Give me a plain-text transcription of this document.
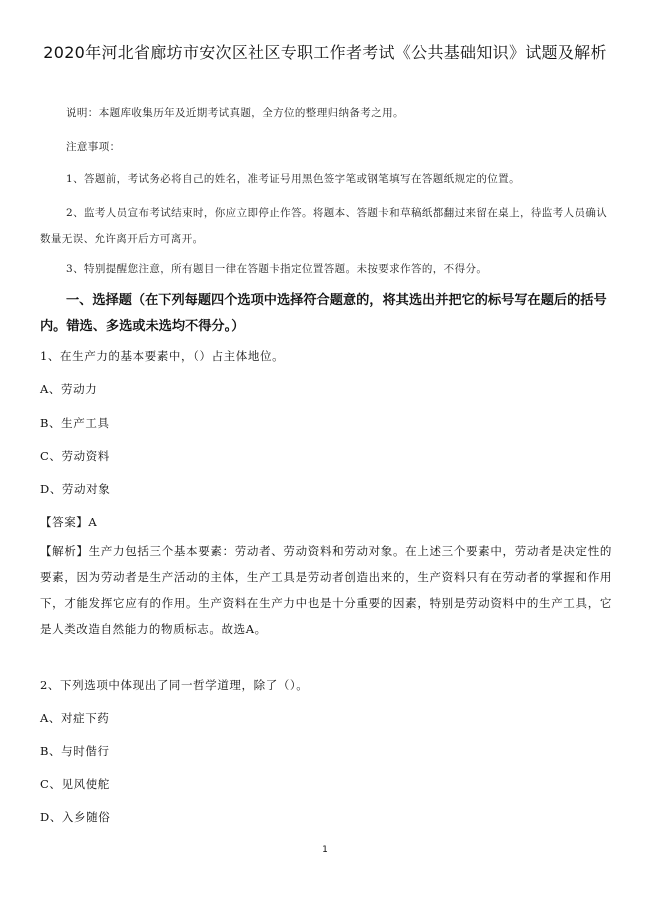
2020年河北省廊坊市安次区社区专职工作者考试《公共基础知识》试题及解析
说明：本题库收集历年及近期考试真题，全方位的整理归纳备考之用。
注意事项：
1、答题前，考试务必将自己的姓名，准考证号用黑色签字笔或钢笔填写在答题纸规定的位置。
2、监考人员宣布考试结束时，你应立即停止作答。将题本、答题卡和草稿纸都翻过来留在桌上，待监考人员确认数量无误、允许离开后方可离开。
3、特别提醒您注意，所有题目一律在答题卡指定位置答题。未按要求作答的，不得分。
一、选择题（在下列每题四个选项中选择符合题意的，将其选出并把它的标号写在题后的括号内。错选、多选或未选均不得分。）
1、在生产力的基本要素中，（）占主体地位。
A、劳动力
B、生产工具
C、劳动资料
D、劳动对象
【答案】A
【解析】生产力包括三个基本要素：劳动者、劳动资料和劳动对象。在上述三个要素中，劳动者是决定性的要素，因为劳动者是生产活动的主体，生产工具是劳动者创造出来的，生产资料只有在劳动者的掌握和作用下，才能发挥它应有的作用。生产资料在生产力中也是十分重要的因素，特别是劳动资料中的生产工具，它是人类改造自然能力的物质标志。故选A。
2、下列选项中体现出了同一哲学道理，除了（）。
A、对症下药
B、与时偕行
C、见风使舵
D、入乡随俗
1
